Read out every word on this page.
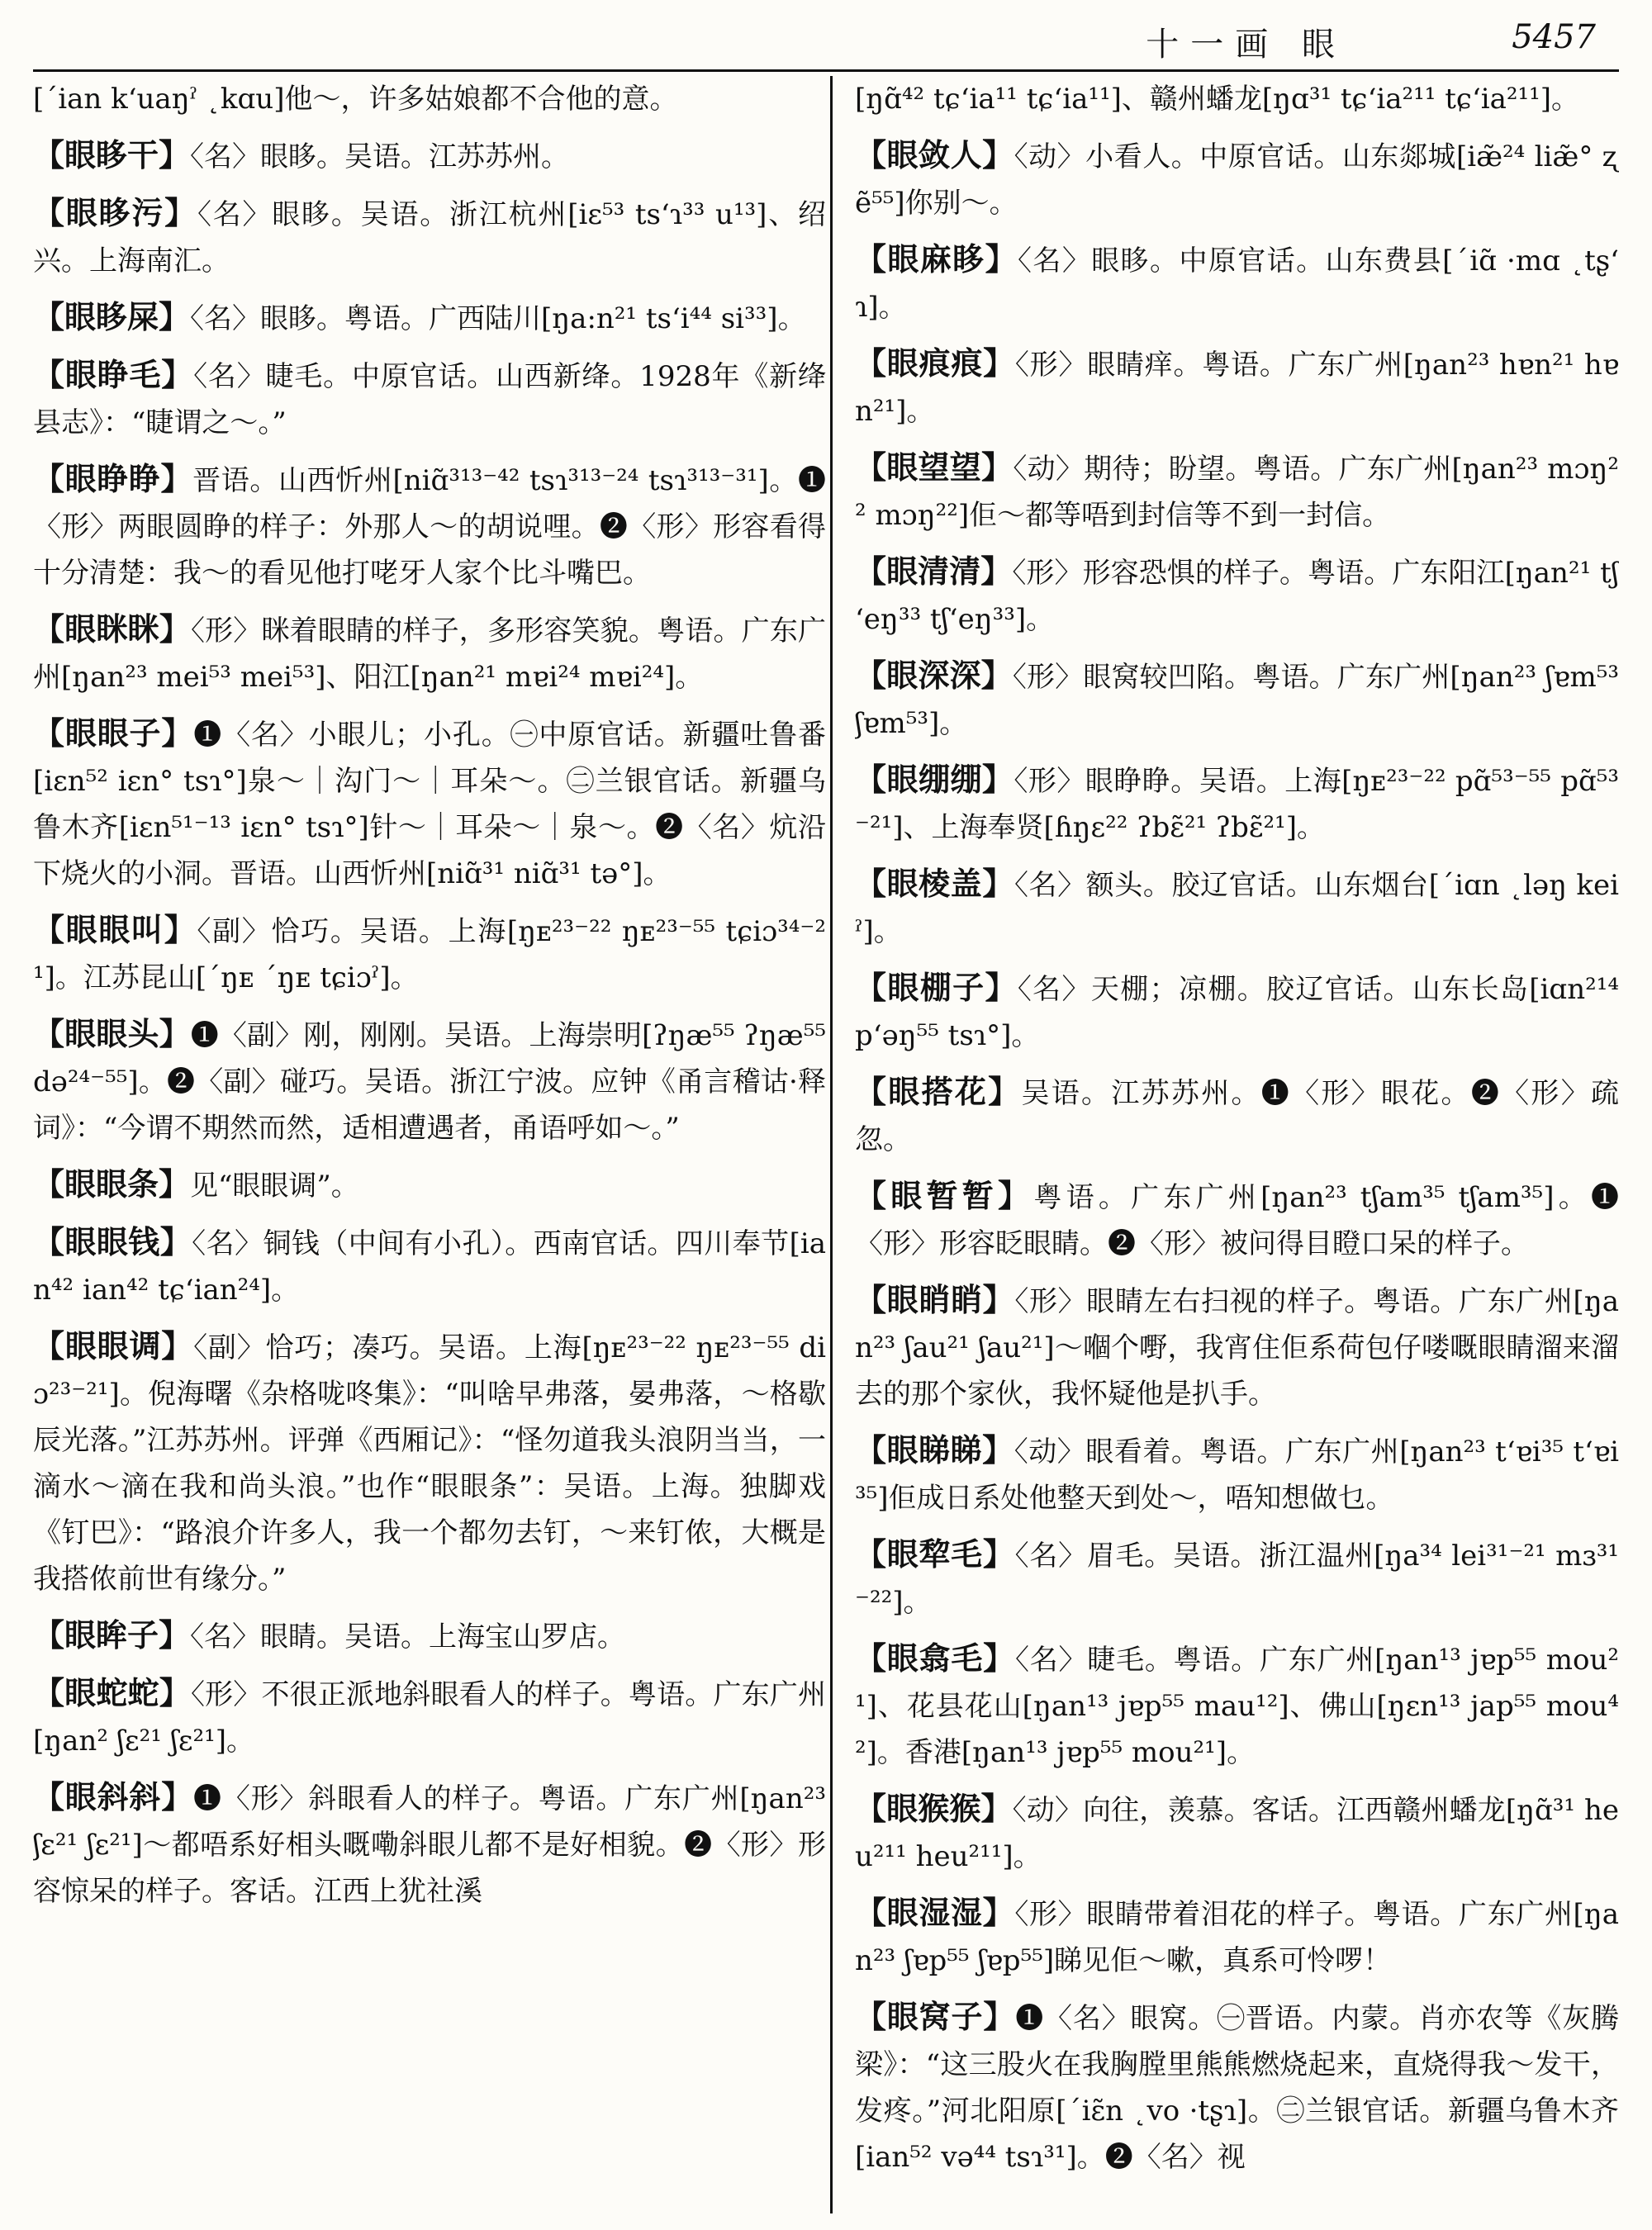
十一画 眼	5457

[ˊian kʻuaŋˀ ˛kɑu]他～，许多姑娘都不合他的意。

【眼眵干】〈名〉眼眵。吴语。江苏苏州。

【眼眵污】〈名〉眼眵。吴语。浙江杭州[iɛ⁵³ tsʻɿ³³ u¹³]、绍兴。上海南汇。

【眼眵屎】〈名〉眼眵。粤语。广西陆川[ŋa:n²¹ tsʻi⁴⁴ si³³]。

【眼睁毛】〈名〉睫毛。中原官话。山西新绛。1928年《新绛县志》：“睫谓之～。”

【眼睁睁】晋语。山西忻州[niɑ̃³¹³⁻⁴² tsɿ³¹³⁻²⁴ tsɿ³¹³⁻³¹]。❶〈形〉两眼圆睁的样子：外那人～的胡说哩。❷〈形〉形容看得十分清楚：我～的看见他打咾牙人家个比斗嘴巴。

【眼眯眯】〈形〉眯着眼睛的样子，多形容笑貌。粤语。广东广州[ŋan²³ mei⁵³ mei⁵³]、阳江[ŋan²¹ mɐi²⁴ mɐi²⁴]。

【眼眼子】❶〈名〉小眼儿；小孔。㊀中原官话。新疆吐鲁番[iɛn⁵² iɛn° tsɿ°]泉～｜沟门～｜耳朵～。㊁兰银官话。新疆乌鲁木齐[iɛn⁵¹⁻¹³ iɛn° tsɿ°]针～｜耳朵～｜泉～。❷〈名〉炕沿下烧火的小洞。晋语。山西忻州[niɑ̃³¹ niɑ̃³¹ tə°]。

【眼眼叫】〈副〉恰巧。吴语。上海[ŋᴇ²³⁻²² ŋᴇ²³⁻⁵⁵ tɕiɔ³⁴⁻²¹]。江苏昆山[ˊŋᴇ ˊŋᴇ tɕiɔˀ]。

【眼眼头】❶〈副〉刚，刚刚。吴语。上海崇明[ʔŋæ⁵⁵ ʔŋæ⁵⁵ də²⁴⁻⁵⁵]。❷〈副〉碰巧。吴语。浙江宁波。应钟《甬言稽诂·释词》：“今谓不期然而然，适相遭遇者，甬语呼如～。”

【眼眼条】见“眼眼调”。

【眼眼钱】〈名〉铜钱（中间有小孔）。西南官话。四川奉节[ian⁴² ian⁴² tɕʻian²⁴]。

【眼眼调】〈副〉恰巧；凑巧。吴语。上海[ŋᴇ²³⁻²² ŋᴇ²³⁻⁵⁵ diɔ²³⁻²¹]。倪海曙《杂格咙咚集》：“叫啥早弗落，晏弗落，～格歇辰光落。”江苏苏州。评弹《西厢记》：“怪勿道我头浪阴当当，一滴水～滴在我和尚头浪。”也作“眼眼条”：吴语。上海。独脚戏《钉巴》：“路浪介许多人，我一个都勿去钉，～来钉侬，大概是我搭侬前世有缘分。”

【眼眸子】〈名〉眼睛。吴语。上海宝山罗店。

【眼蛇蛇】〈形〉不很正派地斜眼看人的样子。粤语。广东广州[ŋan² ʃɛ²¹ ʃɛ²¹]。

【眼斜斜】❶〈形〉斜眼看人的样子。粤语。广东广州[ŋan²³ ʃɛ²¹ ʃɛ²¹]～都唔系好相头嘅嘞斜眼儿都不是好相貌。❷〈形〉形容惊呆的样子。客话。江西上犹社溪

[ŋɑ̃⁴² tɕʻia¹¹ tɕʻia¹¹]、赣州蟠龙[ŋɑ³¹ tɕʻia²¹¹ tɕʻia²¹¹]。

【眼敛人】〈动〉小看人。中原官话。山东郯城[iæ̃²⁴ liæ̃° ʐẽ⁵⁵]你别～。

【眼麻眵】〈名〉眼眵。中原官话。山东费县[ˊiɑ̃ ·mɑ ˛tʂʻɿ]。

【眼痕痕】〈形〉眼睛痒。粤语。广东广州[ŋan²³ hɐn²¹ hɐn²¹]。

【眼望望】〈动〉期待；盼望。粤语。广东广州[ŋan²³ mɔŋ²² mɔŋ²²]佢～都等唔到封信等不到一封信。

【眼清清】〈形〉形容恐惧的样子。粤语。广东阳江[ŋan²¹ tʃʻeŋ³³ tʃʻeŋ³³]。

【眼深深】〈形〉眼窝较凹陷。粤语。广东广州[ŋan²³ ʃɐm⁵³ ʃɐm⁵³]。

【眼绷绷】〈形〉眼睁睁。吴语。上海[ŋᴇ²³⁻²² pɑ̃⁵³⁻⁵⁵ pɑ̃⁵³⁻²¹]、上海奉贤[ɦŋɛ²² ʔbɛ̃²¹ ʔbɛ̃²¹]。

【眼棱盖】〈名〉额头。胶辽官话。山东烟台[ˊiɑn ˛ləŋ keiˀ]。

【眼棚子】〈名〉天棚；凉棚。胶辽官话。山东长岛[iɑn²¹⁴ pʻəŋ⁵⁵ tsɿ°]。

【眼搭花】吴语。江苏苏州。❶〈形〉眼花。❷〈形〉疏忽。

【眼暂暂】粤语。广东广州[ŋan²³ tʃam³⁵ tʃam³⁵]。❶〈形〉形容眨眼睛。❷〈形〉被问得目瞪口呆的样子。

【眼睄睄】〈形〉眼睛左右扫视的样子。粤语。广东广州[ŋan²³ ʃau²¹ ʃau²¹]～嗰个嘢，我宵住佢系荷包仔喽嘅眼睛溜来溜去的那个家伙，我怀疑他是扒手。

【眼睇睇】〈动〉眼看着。粤语。广东广州[ŋan²³ tʻɐi³⁵ tʻɐi³⁵]佢成日系处他整天到处～，唔知想做乜。

【眼犂毛】〈名〉眉毛。吴语。浙江温州[ŋa³⁴ lei³¹⁻²¹ mɜ³¹⁻²²]。

【眼翕毛】〈名〉睫毛。粤语。广东广州[ŋan¹³ jɐp⁵⁵ mou²¹]、花县花山[ŋan¹³ jɐp⁵⁵ mau¹²]、佛山[ŋɛn¹³ jap⁵⁵ mou⁴²]。香港[ŋan¹³ jɐp⁵⁵ mou²¹]。

【眼猴猴】〈动〉向往，羡慕。客话。江西赣州蟠龙[ŋɑ̃³¹ heu²¹¹ heu²¹¹]。

【眼湿湿】〈形〉眼睛带着泪花的样子。粤语。广东广州[ŋan²³ ʃɐp⁵⁵ ʃɐp⁵⁵]睇见佢～嗽，真系可怜啰！

【眼窝子】❶〈名〉眼窝。㊀晋语。内蒙。肖亦农等《灰腾梁》：“这三股火在我胸膛里熊熊燃烧起来，直烧得我～发干，发疼。”河北阳原[ˊiɛ̃n ˛vo ·tʂɿ]。㊁兰银官话。新疆乌鲁木齐[ian⁵² və⁴⁴ tsɿ³¹]。❷〈名〉视
